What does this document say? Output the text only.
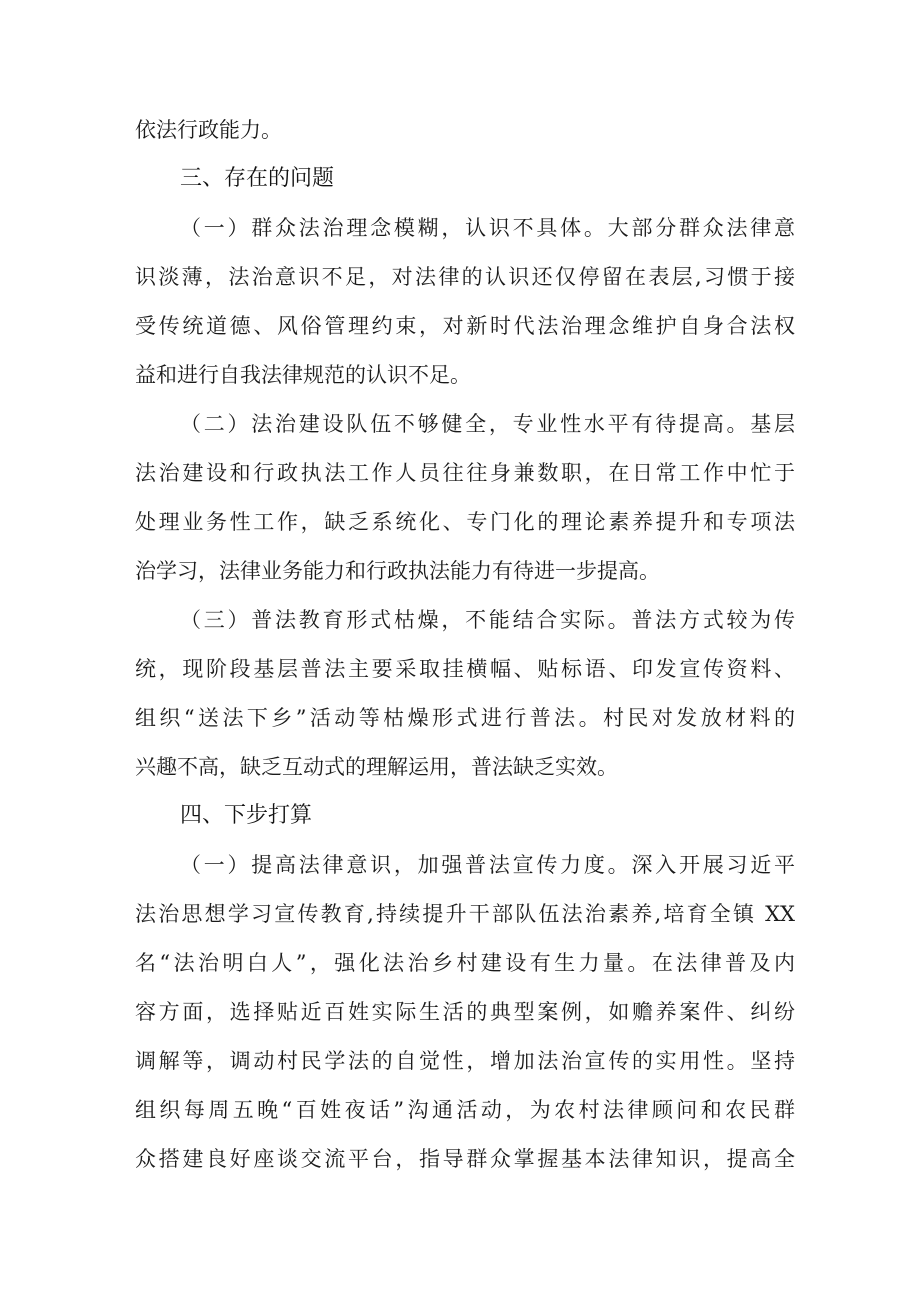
依法行政能力。
三、存在的问题
（一）群众法治理念模糊，认识不具体。大部分群众法律意
识淡薄，法治意识不足，对法律的认识还仅停留在表层,习惯于接
受传统道德、风俗管理约束，对新时代法治理念维护自身合法权
益和进行自我法律规范的认识不足。
（二）法治建设队伍不够健全，专业性水平有待提高。基层
法治建设和行政执法工作人员往往身兼数职，在日常工作中忙于
处理业务性工作，缺乏系统化、专门化的理论素养提升和专项法
治学习，法律业务能力和行政执法能力有待进一步提高。
（三）普法教育形式枯燥，不能结合实际。普法方式较为传
统，现阶段基层普法主要采取挂横幅、贴标语、印发宣传资料、
组织“送法下乡”活动等枯燥形式进行普法。村民对发放材料的
兴趣不高，缺乏互动式的理解运用，普法缺乏实效。
四、下步打算
（一）提高法律意识，加强普法宣传力度。深入开展习近平
法治思想学习宣传教育,持续提升干部队伍法治素养,培育全镇 XX
名“法治明白人”，强化法治乡村建设有生力量。在法律普及内
容方面，选择贴近百姓实际生活的典型案例，如赡养案件、纠纷
调解等，调动村民学法的自觉性，增加法治宣传的实用性。坚持
组织每周五晚“百姓夜话”沟通活动，为农村法律顾问和农民群
众搭建良好座谈交流平台，指导群众掌握基本法律知识，提高全
